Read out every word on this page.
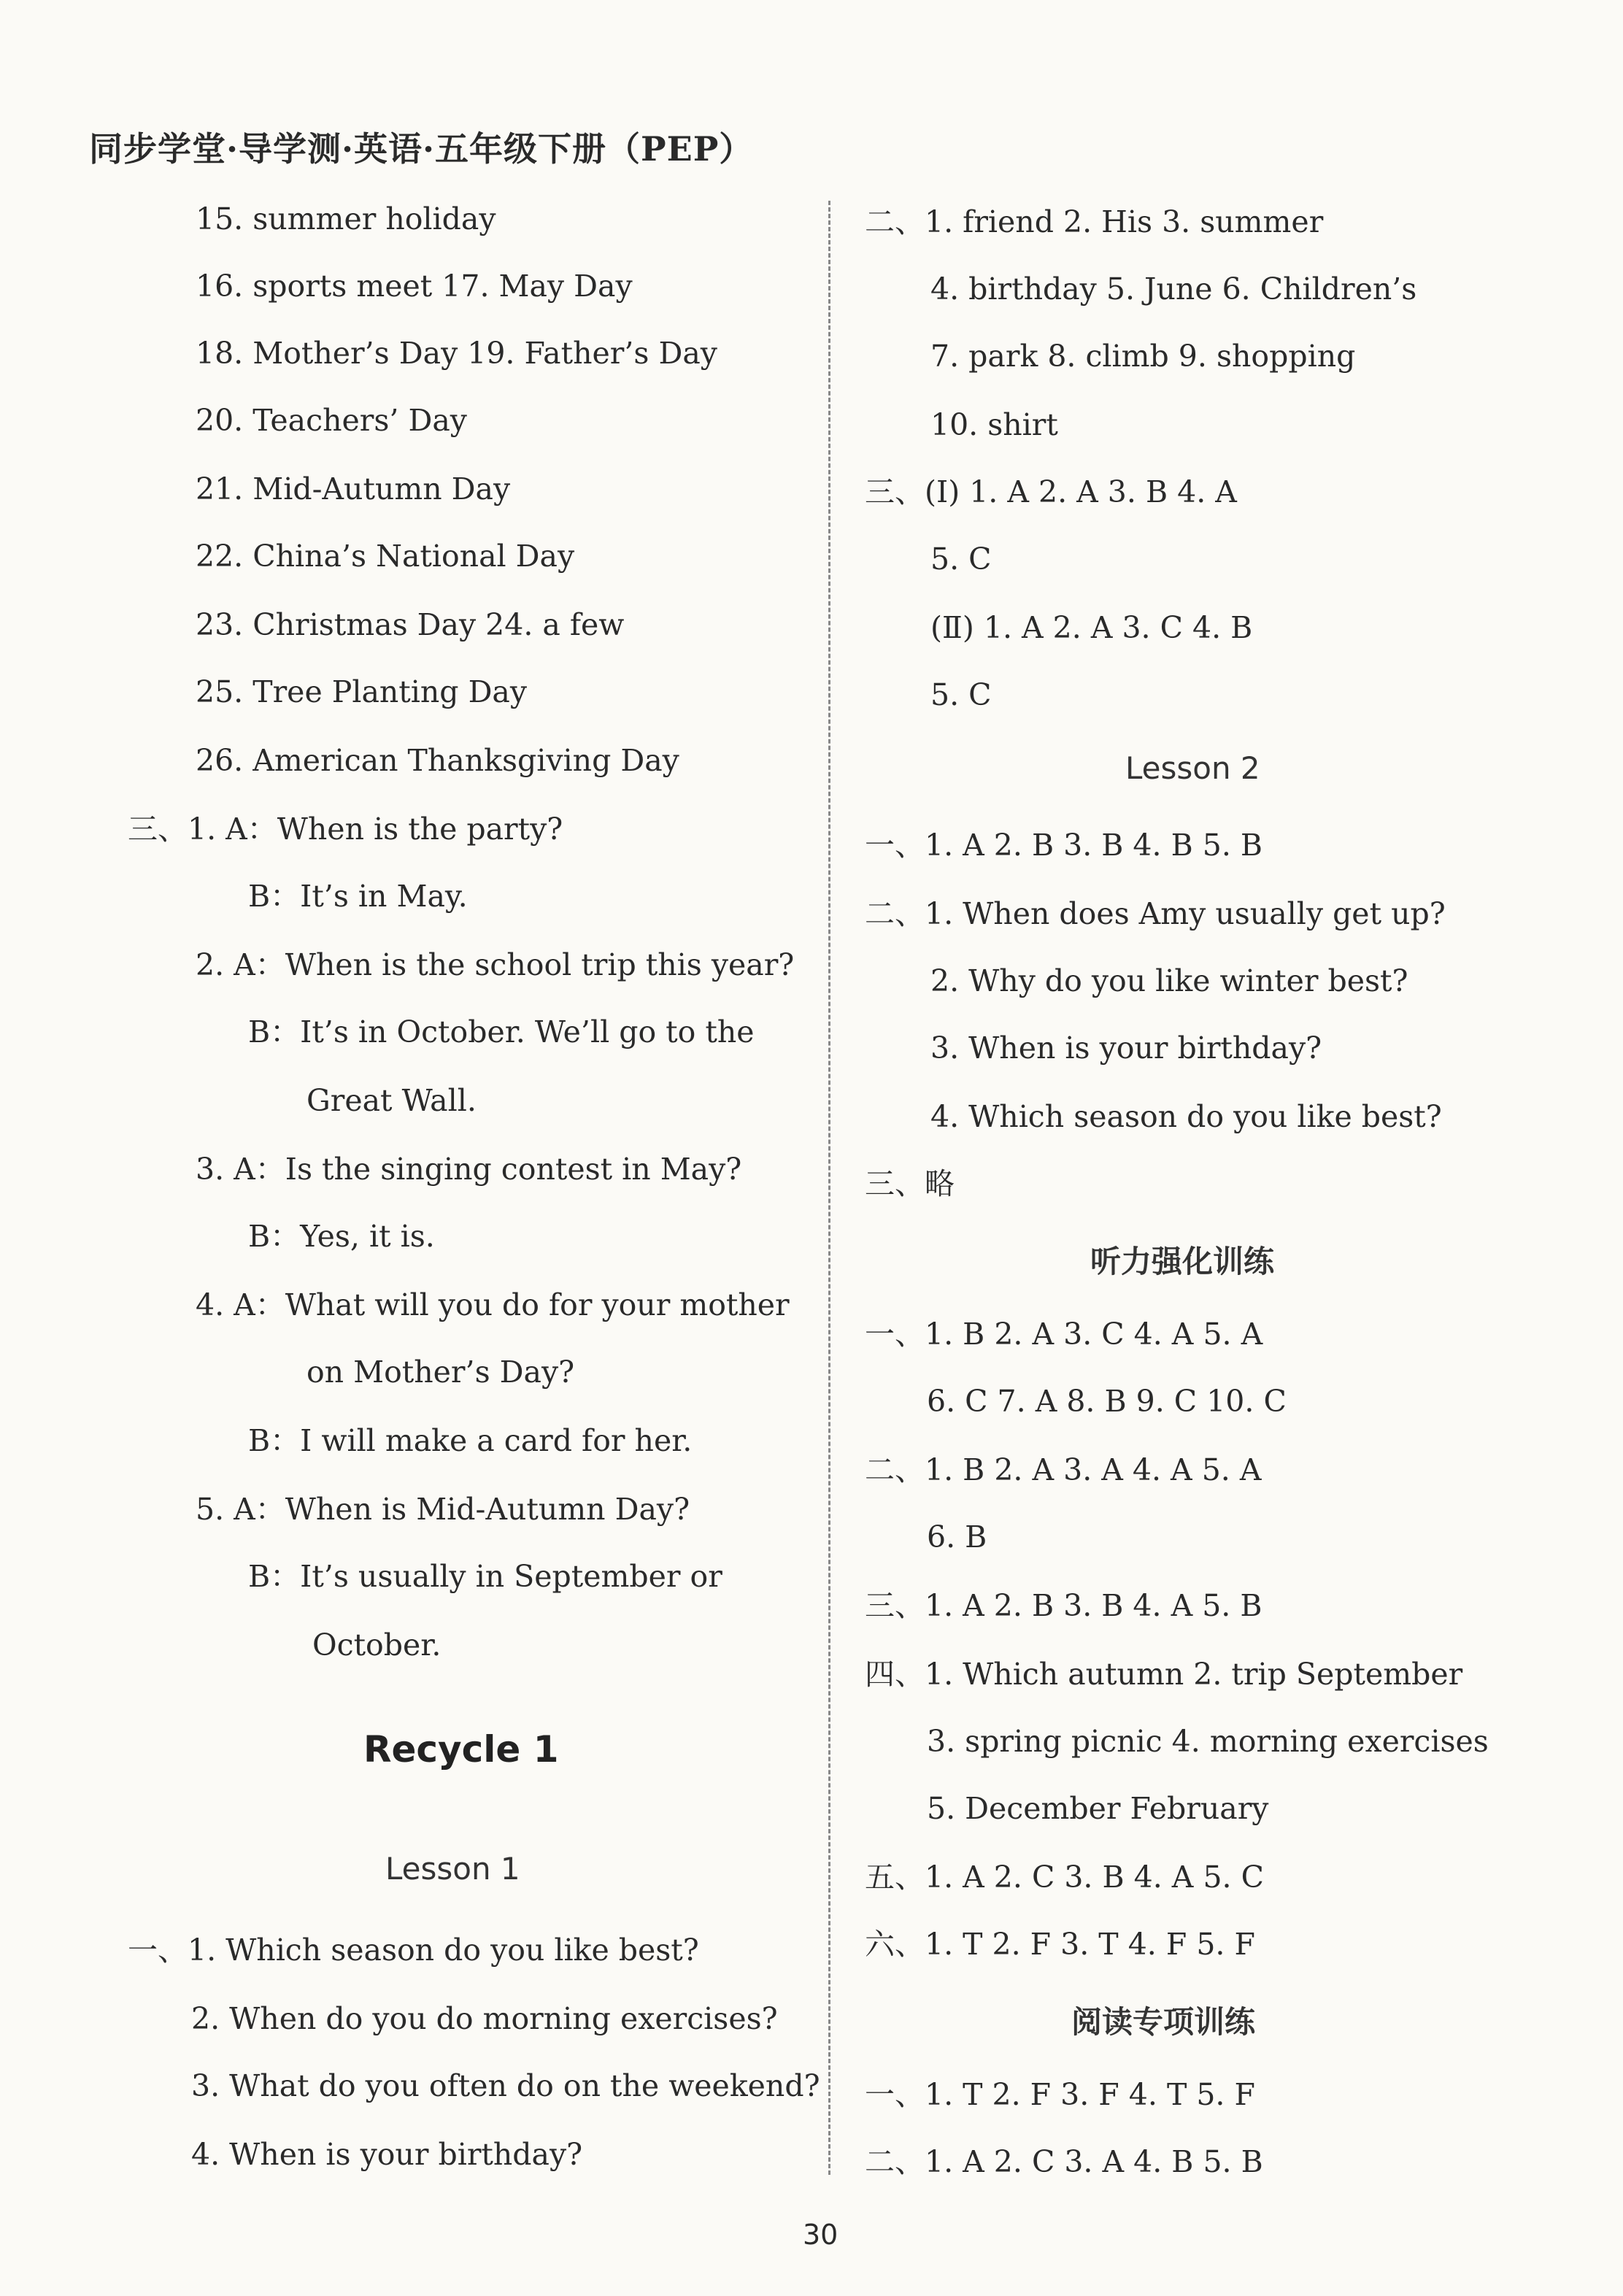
同步学堂·导学测·英语·五年级下册（PEP）
15. summer holiday
16. sports meet 17. May Day
18. Mother’s Day 19. Father’s Day
20. Teachers’ Day
21. Mid-Autumn Day
22. China’s National Day
23. Christmas Day 24. a few
25. Tree Planting Day
26. American Thanksgiving Day
三、1. A：When is the party?
B：It’s in May.
2. A：When is the school trip this year?
B：It’s in October. We’ll go to the
Great Wall.
3. A：Is the singing contest in May?
B：Yes, it is.
4. A：What will you do for your mother
on Mother’s Day?
B：I will make a card for her.
5. A：When is Mid-Autumn Day?
B：It’s usually in September or
October.
一、1. Which season do you like best?
2. When do you do morning exercises?
3. What do you often do on the weekend?
4. When is your birthday?
Recycle 1
Lesson 1
二、1. friend 2. His 3. summer
4. birthday 5. June 6. Children’s
7. park 8. climb 9. shopping
10. shirt
三、(Ⅰ) 1. A 2. A 3. B 4. A
5. C
(Ⅱ) 1. A 2. A 3. C 4. B
5. C
一、1. A 2. B 3. B 4. B 5. B
二、1. When does Amy usually get up?
2. Why do you like winter best?
3. When is your birthday?
4. Which season do you like best?
三、略
一、1. B 2. A 3. C 4. A 5. A
6. C 7. A 8. B 9. C 10. C
二、1. B 2. A 3. A 4. A 5. A
6. B
三、1. A 2. B 3. B 4. A 5. B
四、1. Which autumn 2. trip September
3. spring picnic 4. morning exercises
5. December February
五、1. A 2. C 3. B 4. A 5. C
六、1. T 2. F 3. T 4. F 5. F
一、1. T 2. F 3. F 4. T 5. F
二、1. A 2. C 3. A 4. B 5. B
Lesson 2
听力强化训练
阅读专项训练
30
